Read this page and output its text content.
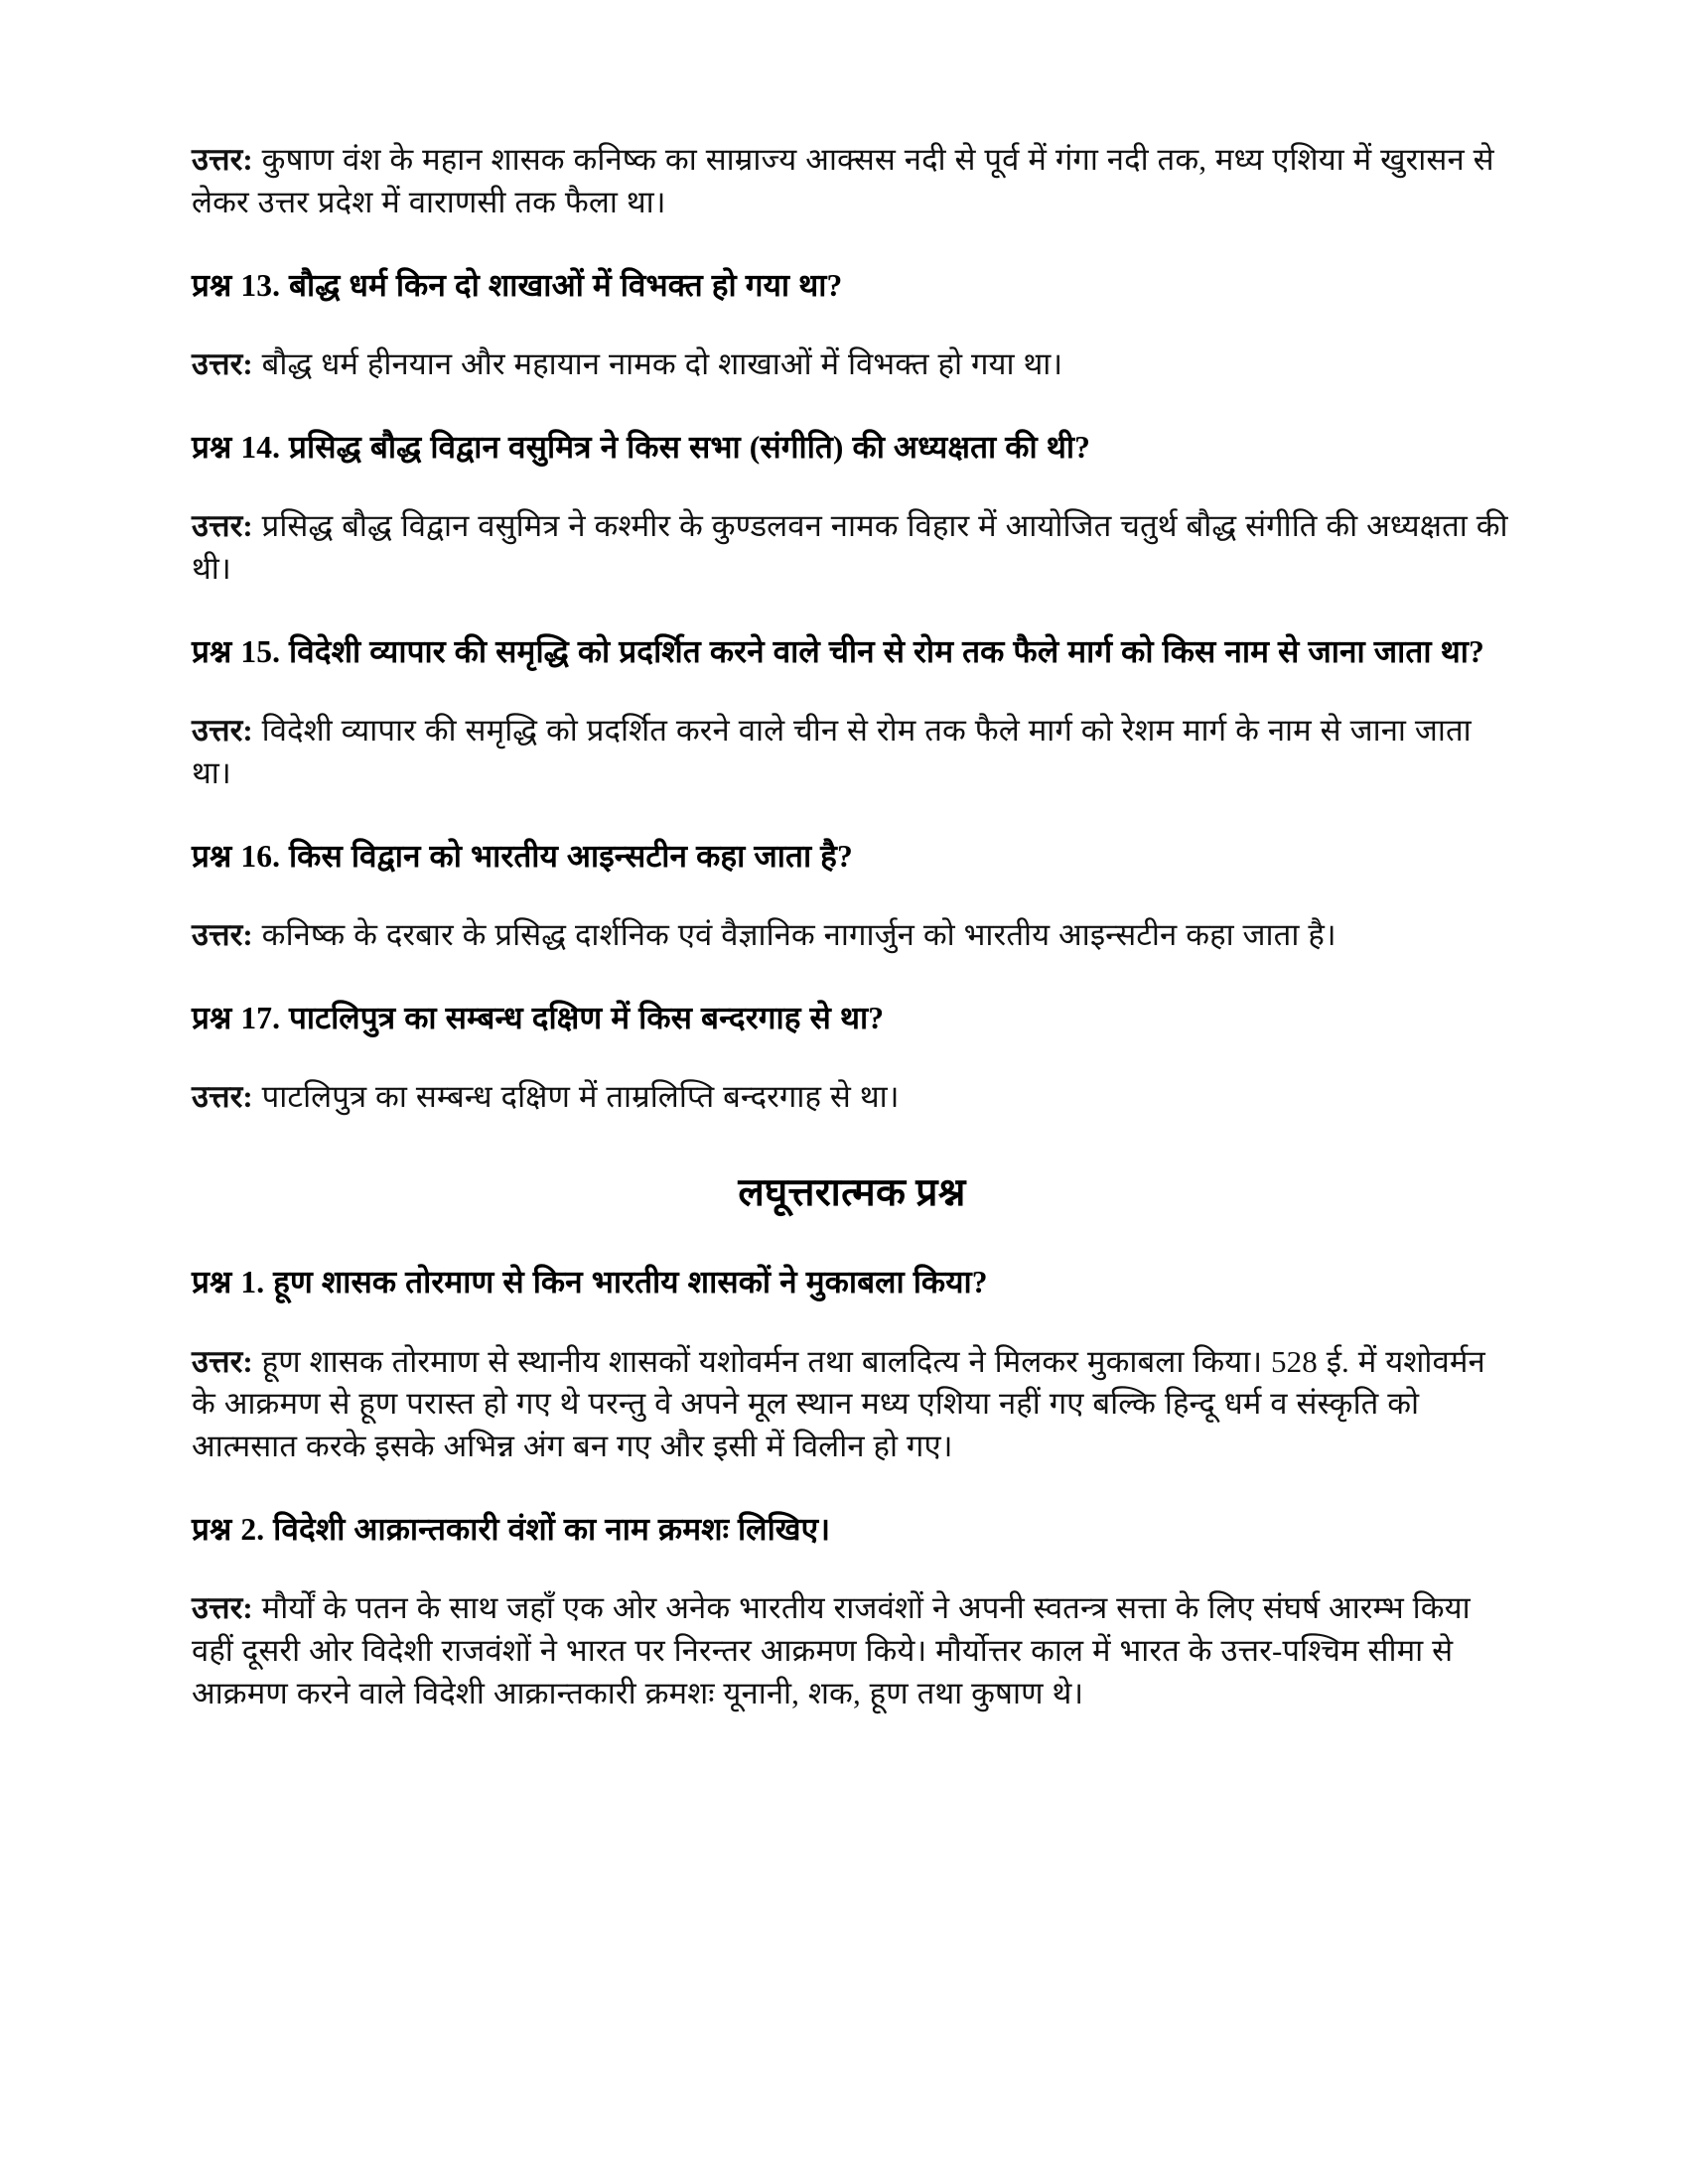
उत्तर: कुषाण वंश के महान शासक कनिष्क का साम्राज्य आक्सस नदी से पूर्व में गंगा नदी तक, मध्य एशिया में खुरासन से लेकर उत्तर प्रदेश में वाराणसी तक फैला था।

प्रश्न 13. बौद्ध धर्म किन दो शाखाओं में विभक्त हो गया था?

उत्तर: बौद्ध धर्म हीनयान और महायान नामक दो शाखाओं में विभक्त हो गया था।

प्रश्न 14. प्रसिद्ध बौद्ध विद्वान वसुमित्र ने किस सभा (संगीति) की अध्यक्षता की थी?

उत्तर: प्रसिद्ध बौद्ध विद्वान वसुमित्र ने कश्मीर के कुण्डलवन नामक विहार में आयोजित चतुर्थ बौद्ध संगीति की अध्यक्षता की थी।

प्रश्न 15. विदेशी व्यापार की समृद्धि को प्रदर्शित करने वाले चीन से रोम तक फैले मार्ग को किस नाम से जाना जाता था?

उत्तर: विदेशी व्यापार की समृद्धि को प्रदर्शित करने वाले चीन से रोम तक फैले मार्ग को रेशम मार्ग के नाम से जाना जाता था।

प्रश्न 16. किस विद्वान को भारतीय आइन्सटीन कहा जाता है?

उत्तर: कनिष्क के दरबार के प्रसिद्ध दार्शनिक एवं वैज्ञानिक नागार्जुन को भारतीय आइन्सटीन कहा जाता है।

प्रश्न 17. पाटलिपुत्र का सम्बन्ध दक्षिण में किस बन्दरगाह से था?

उत्तर: पाटलिपुत्र का सम्बन्ध दक्षिण में ताम्रलिप्ति बन्दरगाह से था।

लघूत्तरात्मक प्रश्न

प्रश्न 1. हूण शासक तोरमाण से किन भारतीय शासकों ने मुकाबला किया?

उत्तर: हूण शासक तोरमाण से स्थानीय शासकों यशोवर्मन तथा बालदित्य ने मिलकर मुकाबला किया। 528 ई. में यशोवर्मन के आक्रमण से हूण परास्त हो गए थे परन्तु वे अपने मूल स्थान मध्य एशिया नहीं गए बल्कि हिन्दू धर्म व संस्कृति को आत्मसात करके इसके अभिन्न अंग बन गए और इसी में विलीन हो गए।

प्रश्न 2. विदेशी आक्रान्तकारी वंशों का नाम क्रमशः लिखिए।

उत्तर: मौर्यों के पतन के साथ जहाँ एक ओर अनेक भारतीय राजवंशों ने अपनी स्वतन्त्र सत्ता के लिए संघर्ष आरम्भ किया वहीं दूसरी ओर विदेशी राजवंशों ने भारत पर निरन्तर आक्रमण किये। मौर्योत्तर काल में भारत के उत्तर-पश्चिम सीमा से आक्रमण करने वाले विदेशी आक्रान्तकारी क्रमशः यूनानी, शक, हूण तथा कुषाण थे।
